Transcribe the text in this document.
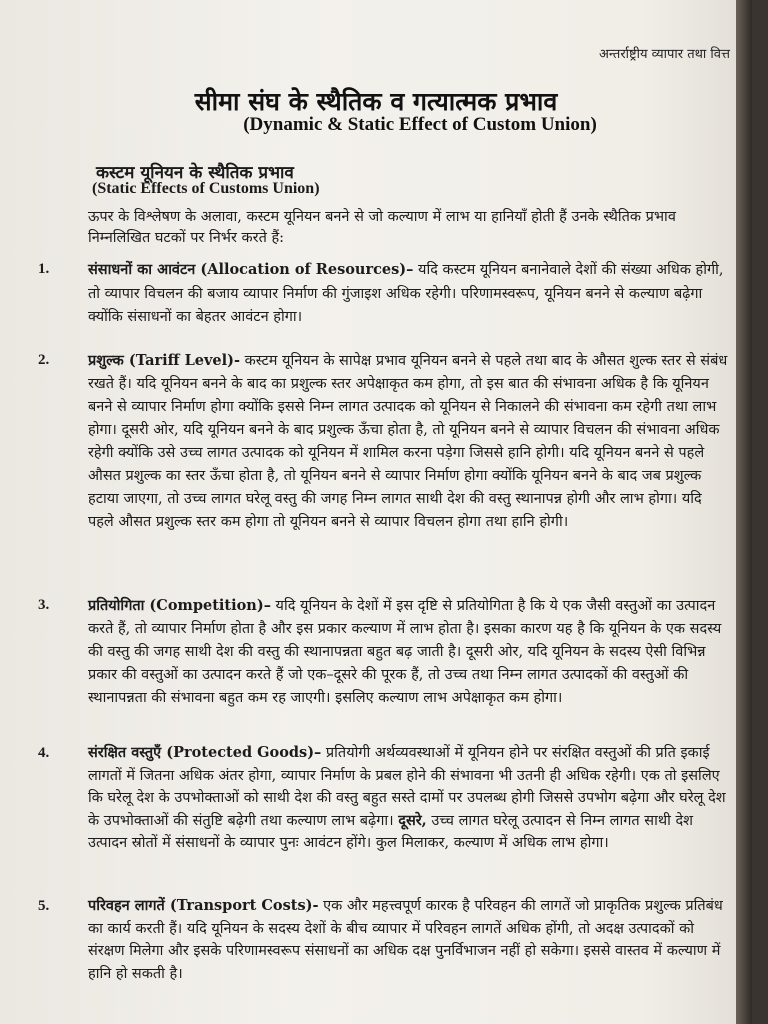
अन्तर्राष्ट्रीय व्यापार तथा वित्त
सीमा संघ के स्थैतिक व गत्यात्मक प्रभाव
(Dynamic & Static Effect of Custom Union)
कस्टम यूनियन के स्थैतिक प्रभाव
(Static Effects of Customs Union)

ऊपर के विश्लेषण के अलावा, कस्टम यूनियन बनने से जो कल्याण में लाभ या हानियाँ होती हैं उनके स्थैतिक प्रभाव निम्नलिखित घटकों पर निर्भर करते हैं:

1.	संसाधनों का आवंटन (Allocation of Resources)– यदि कस्टम यूनियन बनानेवाले देशों की संख्या अधिक होगी, तो व्यापार विचलन की बजाय व्यापार निर्माण की गुंजाइश अधिक रहेगी। परिणामस्वरूप, यूनियन बनने से कल्याण बढ़ेगा क्योंकि संसाधनों का बेहतर आवंटन होगा।

2.	प्रशुल्क (Tariff Level)- कस्टम यूनियन के सापेक्ष प्रभाव यूनियन बनने से पहले तथा बाद के औसत शुल्क स्तर से संबंध रखते हैं। यदि यूनियन बनने के बाद का प्रशुल्क स्तर अपेक्षाकृत कम होगा, तो इस बात की संभावना अधिक है कि यूनियन बनने से व्यापार निर्माण होगा क्योंकि इससे निम्न लागत उत्पादक को यूनियन से निकालने की संभावना कम रहेगी तथा लाभ होगा। दूसरी ओर, यदि यूनियन बनने के बाद प्रशुल्क ऊँचा होता है, तो यूनियन बनने से व्यापार विचलन की संभावना अधिक रहेगी क्योंकि उसे उच्च लागत उत्पादक को यूनियन में शामिल करना पड़ेगा जिससे हानि होगी। यदि यूनियन बनने से पहले औसत प्रशुल्क का स्तर ऊँचा होता है, तो यूनियन बनने से व्यापार निर्माण होगा क्योंकि यूनियन बनने के बाद जब प्रशुल्क हटाया जाएगा, तो उच्च लागत घरेलू वस्तु की जगह निम्न लागत साथी देश की वस्तु स्थानापन्न होगी और लाभ होगा। यदि पहले औसत प्रशुल्क स्तर कम होगा तो यूनियन बनने से व्यापार विचलन होगा तथा हानि होगी।

3.	प्रतियोगिता (Competition)– यदि यूनियन के देशों में इस दृष्टि से प्रतियोगिता है कि ये एक जैसी वस्तुओं का उत्पादन करते हैं, तो व्यापार निर्माण होता है और इस प्रकार कल्याण में लाभ होता है। इसका कारण यह है कि यूनियन के एक सदस्य की वस्तु की जगह साथी देश की वस्तु की स्थानापन्नता बहुत बढ़ जाती है। दूसरी ओर, यदि यूनियन के सदस्य ऐसी विभिन्न प्रकार की वस्तुओं का उत्पादन करते हैं जो एक–दूसरे की पूरक हैं, तो उच्च तथा निम्न लागत उत्पादकों की वस्तुओं की स्थानापन्नता की संभावना बहुत कम रह जाएगी। इसलिए कल्याण लाभ अपेक्षाकृत कम होगा।

4.	संरक्षित वस्तुएँ (Protected Goods)– प्रतियोगी अर्थव्यवस्थाओं में यूनियन होने पर संरक्षित वस्तुओं की प्रति इकाई लागतों में जितना अधिक अंतर होगा, व्यापार निर्माण के प्रबल होने की संभावना भी उतनी ही अधिक रहेगी। एक तो इसलिए कि घरेलू देश के उपभोक्ताओं को साथी देश की वस्तु बहुत सस्ते दामों पर उपलब्ध होगी जिससे उपभोग बढ़ेगा और घरेलू देश के उपभोक्ताओं की संतुष्टि बढ़ेगी तथा कल्याण लाभ बढ़ेगा। दूसरे, उच्च लागत घरेलू उत्पादन से निम्न लागत साथी देश उत्पादन स्रोतों में संसाधनों के व्यापार पुनः आवंटन होंगे। कुल मिलाकर, कल्याण में अधिक लाभ होगा।

5.	परिवहन लागतें (Transport Costs)- एक और महत्त्वपूर्ण कारक है परिवहन की लागतें जो प्राकृतिक प्रशुल्क प्रतिबंध का कार्य करती हैं। यदि यूनियन के सदस्य देशों के बीच व्यापार में परिवहन लागतें अधिक होंगी, तो अदक्ष उत्पादकों को संरक्षण मिलेगा और इसके परिणामस्वरूप संसाधनों का अधिक दक्ष पुनर्विभाजन नहीं हो सकेगा। इससे वास्तव में कल्याण में हानि हो सकती है।
